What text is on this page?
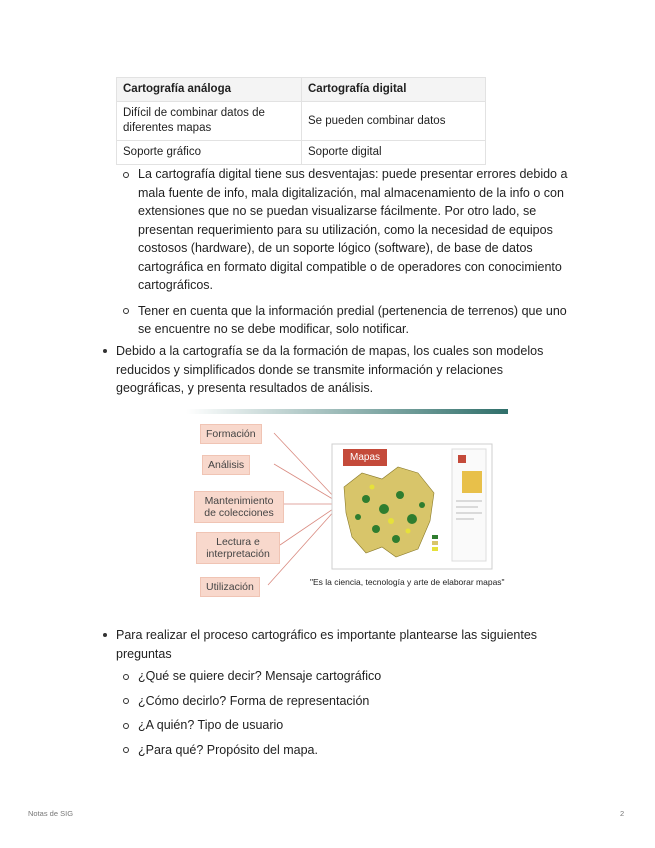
Cartografía análoga	Cartografía digital
Difícil de combinar datos de diferentes mapas	Se pueden combinar datos
Soporte gráfico	Soporte digital
La cartografía digital tiene sus desventajas: puede presentar errores debido a mala fuente de info, mala digitalización, mal almacenamiento de la info o con extensiones que no se puedan visualizarse fácilmente. Por otro lado, se presentan requerimiento para su utilización, como la necesidad de equipos costosos (hardware), de un soporte lógico (software), de base de datos cartográfica en formato digital compatible o de operadores con conocimiento cartográficos.
Tener en cuenta que la información predial (pertenencia de terrenos) que uno se encuentre no se debe modificar, solo notificar.
Debido a la cartografía se da la formación de mapas, los cuales son modelos reducidos y simplificados donde se transmite información y relaciones geográficas, y presenta resultados de análisis.
Formación
Análisis
Mantenimiento de colecciones
Lectura e interpretación
Utilización
Mapas
"Es la ciencia, tecnología y arte de elaborar mapas"
Para realizar el proceso cartográfico es importante plantearse las siguientes preguntas
¿Qué se quiere decir? Mensaje cartográfico
¿Cómo decirlo? Forma de representación
¿A quién? Tipo de usuario
¿Para qué? Propósito del mapa.
Notas de SIG	2
